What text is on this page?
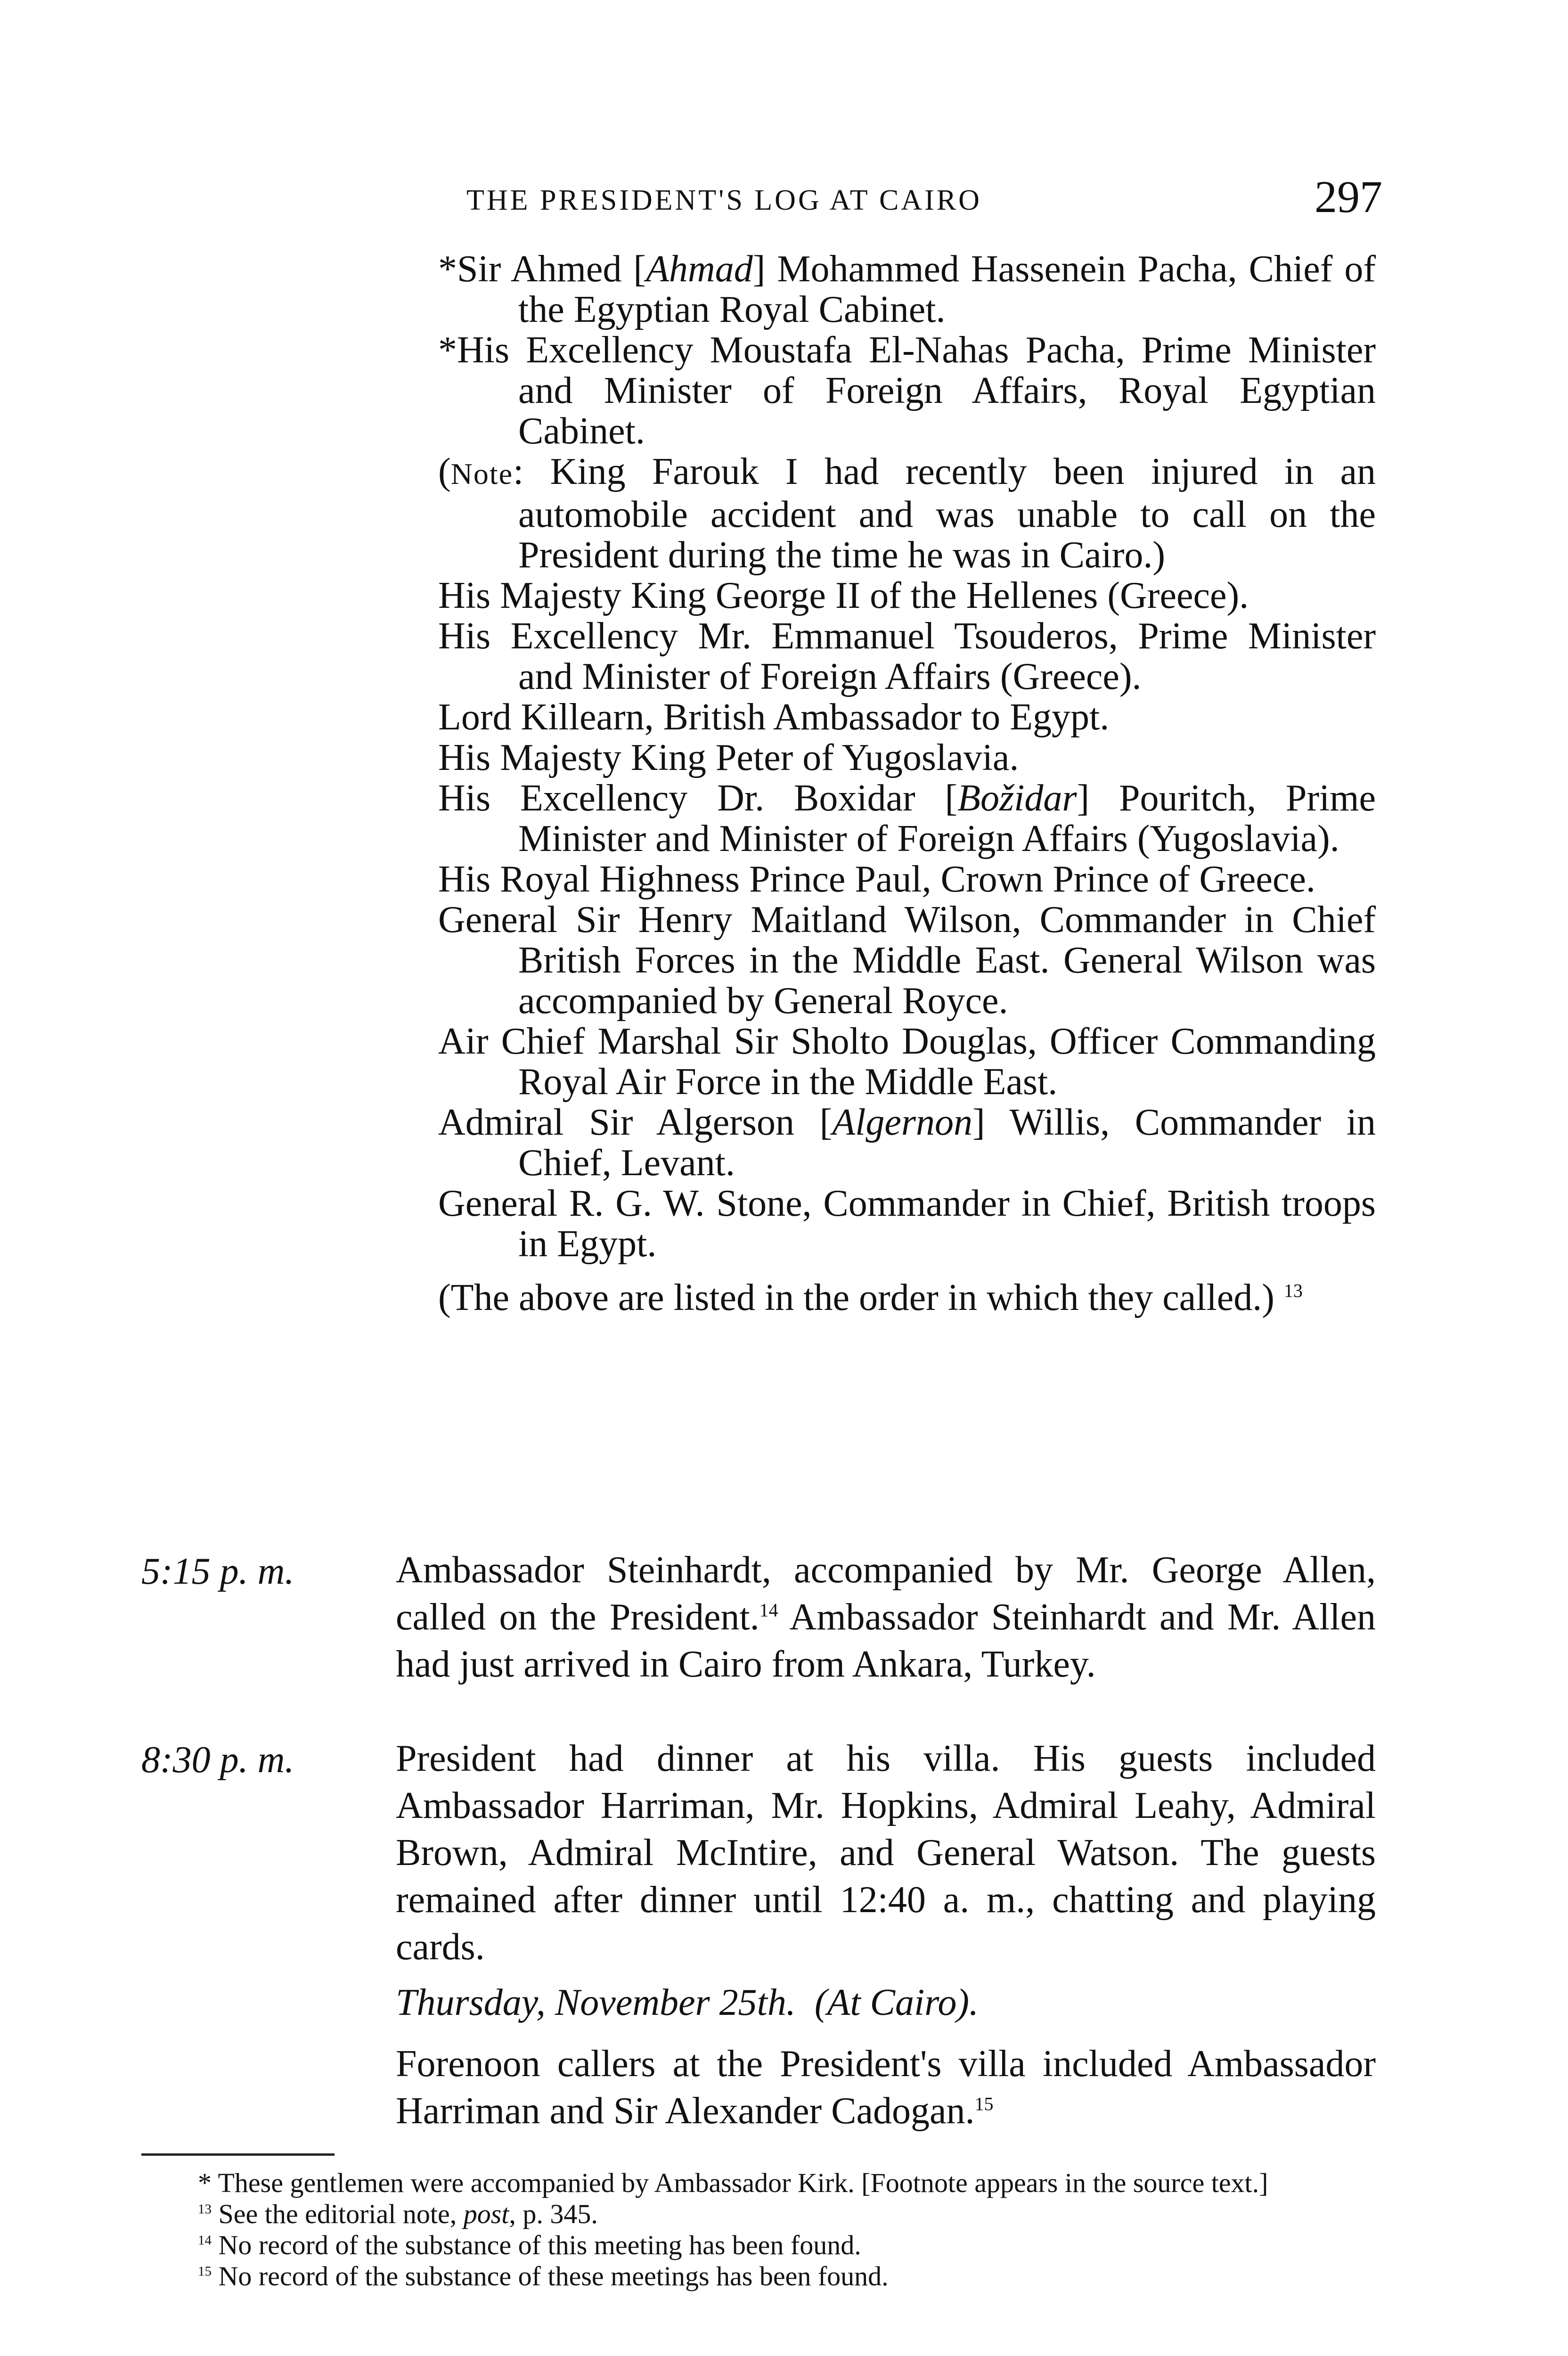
THE PRESIDENT'S LOG AT CAIRO	297

*Sir Ahmed [Ahmad] Mohammed Hassenein Pacha, Chief of the Egyptian Royal Cabinet.

*His Excellency Moustafa El-Nahas Pacha, Prime Minister and Minister of Foreign Affairs, Royal Egyptian Cabinet.

(Note: King Farouk I had recently been injured in an automobile accident and was unable to call on the President during the time he was in Cairo.)

His Majesty King George II of the Hellenes (Greece).

His Excellency Mr. Emmanuel Tsouderos, Prime Minister and Minister of Foreign Affairs (Greece).

Lord Killearn, British Ambassador to Egypt.

His Majesty King Peter of Yugoslavia.

His Excellency Dr. Boxidar [Božidar] Pouritch, Prime Minister and Minister of Foreign Affairs (Yugoslavia).

His Royal Highness Prince Paul, Crown Prince of Greece.

General Sir Henry Maitland Wilson, Commander in Chief British Forces in the Middle East. General Wilson was accompanied by General Royce.

Air Chief Marshal Sir Sholto Douglas, Officer Commanding Royal Air Force in the Middle East.

Admiral Sir Algerson [Algernon] Willis, Commander in Chief, Levant.

General R. G. W. Stone, Commander in Chief, British troops in Egypt.

(The above are listed in the order in which they called.) $^{13}$

5:15 p. m.	Ambassador Steinhardt, accompanied by Mr. George Allen, called on the President.$^{14}$ Ambassador Steinhardt and Mr. Allen had just arrived in Cairo from Ankara, Turkey.
8:30 p. m.	President had dinner at his villa. His guests included Ambassador Harriman, Mr. Hopkins, Admiral Leahy, Admiral Brown, Admiral McIntire, and General Watson. The guests remained after dinner until 12:40 a. m., chatting and playing cards.
Thursday, November 25th. (At Cairo).
Forenoon callers at the President's villa included Ambassador Harriman and Sir Alexander Cadogan.$^{15}$

* These gentlemen were accompanied by Ambassador Kirk. [Footnote appears in the source text.]

$^{13}$ See the editorial note, post, p. 345.

$^{14}$ No record of the substance of this meeting has been found.

$^{15}$ No record of the substance of these meetings has been found.
